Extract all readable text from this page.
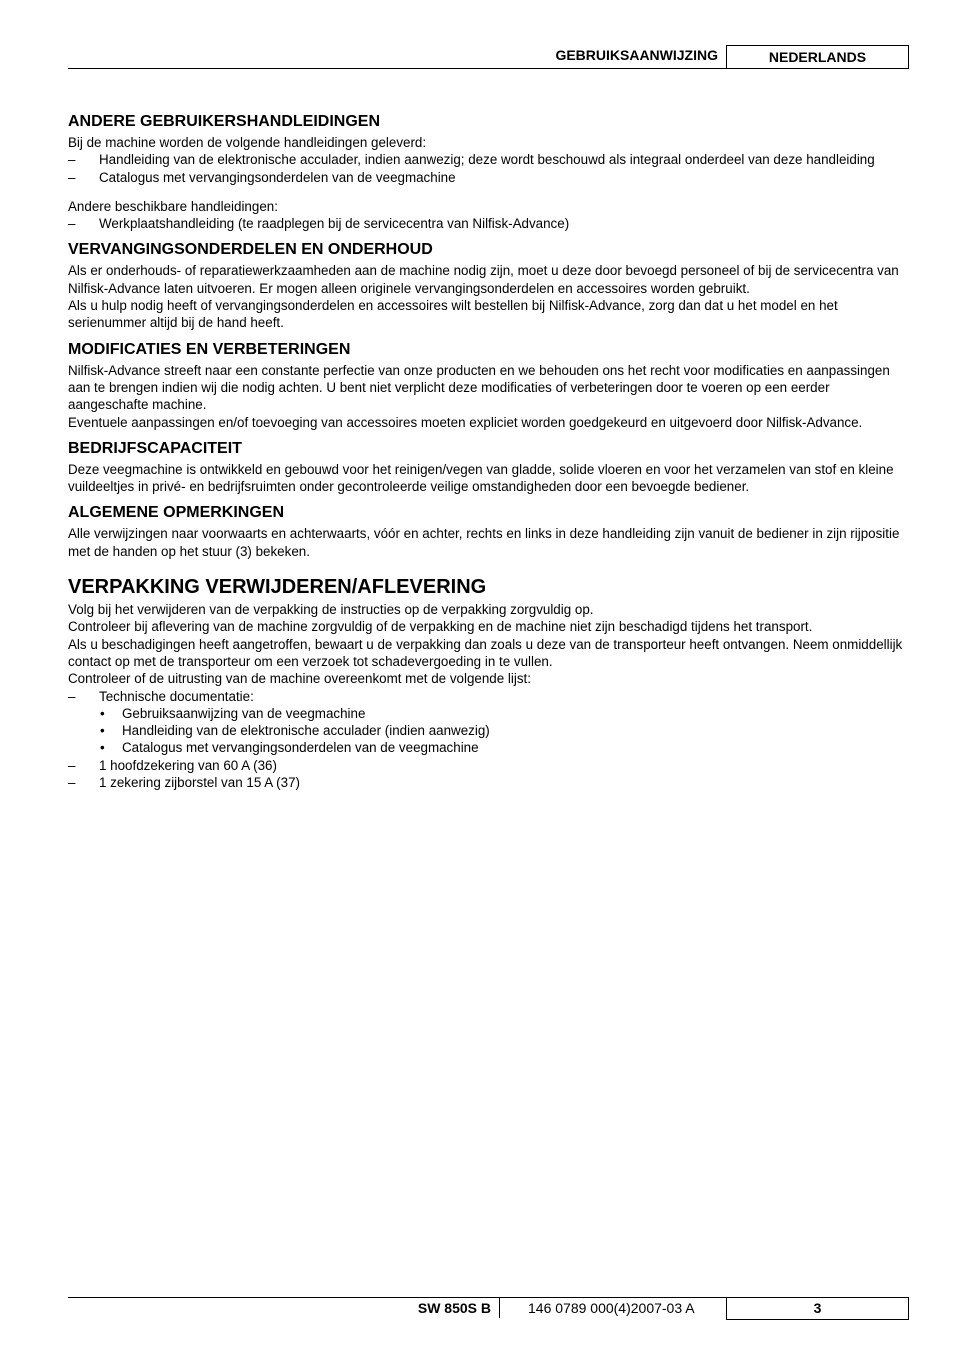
GEBRUIKSAANWIJZING	NEDERLANDS
ANDERE GEBRUIKERSHANDLEIDINGEN

Bij de machine worden de volgende handleidingen geleverd:

– Handleiding van de elektronische acculader, indien aanwezig; deze wordt beschouwd als integraal onderdeel van deze handleiding
– Catalogus met vervangingsonderdelen van de veegmachine

Andere beschikbare handleidingen:

– Werkplaatshandleiding (te raadplegen bij de servicecentra van Nilfisk-Advance)
VERVANGINGSONDERDELEN EN ONDERHOUD

Als er onderhouds- of reparatiewerkzaamheden aan de machine nodig zijn, moet u deze door bevoegd personeel of bij de servicecentra van Nilfisk-Advance laten uitvoeren. Er mogen alleen originele vervangingsonderdelen en accessoires worden gebruikt.

Als u hulp nodig heeft of vervangingsonderdelen en accessoires wilt bestellen bij Nilfisk-Advance, zorg dan dat u het model en het serienummer altijd bij de hand heeft.

MODIFICATIES EN VERBETERINGEN

Nilfisk-Advance streeft naar een constante perfectie van onze producten en we behouden ons het recht voor modificaties en aanpassingen aan te brengen indien wij die nodig achten. U bent niet verplicht deze modificaties of verbeteringen door te voeren op een eerder aangeschafte machine.

Eventuele aanpassingen en/of toevoeging van accessoires moeten expliciet worden goedgekeurd en uitgevoerd door Nilfisk-Advance.

BEDRIJFSCAPACITEIT

Deze veegmachine is ontwikkeld en gebouwd voor het reinigen/vegen van gladde, solide vloeren en voor het verzamelen van stof en kleine vuildeeltjes in privé- en bedrijfsruimten onder gecontroleerde veilige omstandigheden door een bevoegde bediener.

ALGEMENE OPMERKINGEN

Alle verwijzingen naar voorwaarts en achterwaarts, vóór en achter, rechts en links in deze handleiding zijn vanuit de bediener in zijn rijpositie met de handen op het stuur (3) bekeken.

VERPAKKING VERWIJDEREN/AFLEVERING

Volg bij het verwijderen van de verpakking de instructies op de verpakking zorgvuldig op.

Controleer bij aflevering van de machine zorgvuldig of de verpakking en de machine niet zijn beschadigd tijdens het transport.

Als u beschadigingen heeft aangetroffen, bewaart u de verpakking dan zoals u deze van de transporteur heeft ontvangen. Neem onmiddellijk contact op met de transporteur om een verzoek tot schadevergoeding in te vullen.

Controleer of de uitrusting van de machine overeenkomt met de volgende lijst:

– Technische documentatie:
• Gebruiksaanwijzing van de veegmachine
• Handleiding van de elektronische acculader (indien aanwezig)
• Catalogus met vervangingsonderdelen van de veegmachine
– 1 hoofdzekering van 60 A (36)
– 1 zekering zijborstel van 15 A (37)
SW 850S B	146 0789 000(4)2007-03 A	3
